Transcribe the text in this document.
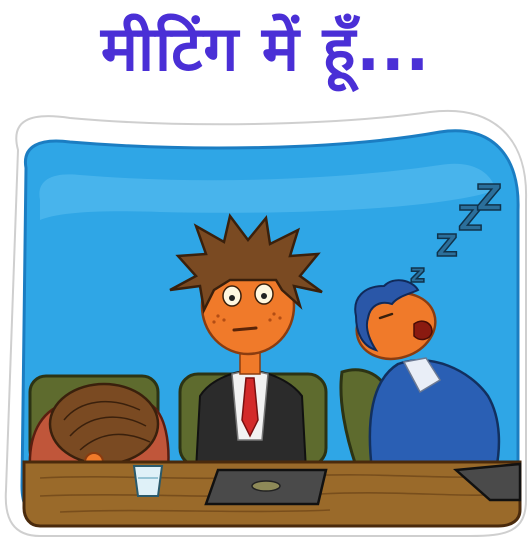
z
Z
Z
Z
मीटिंग में हूँ...
